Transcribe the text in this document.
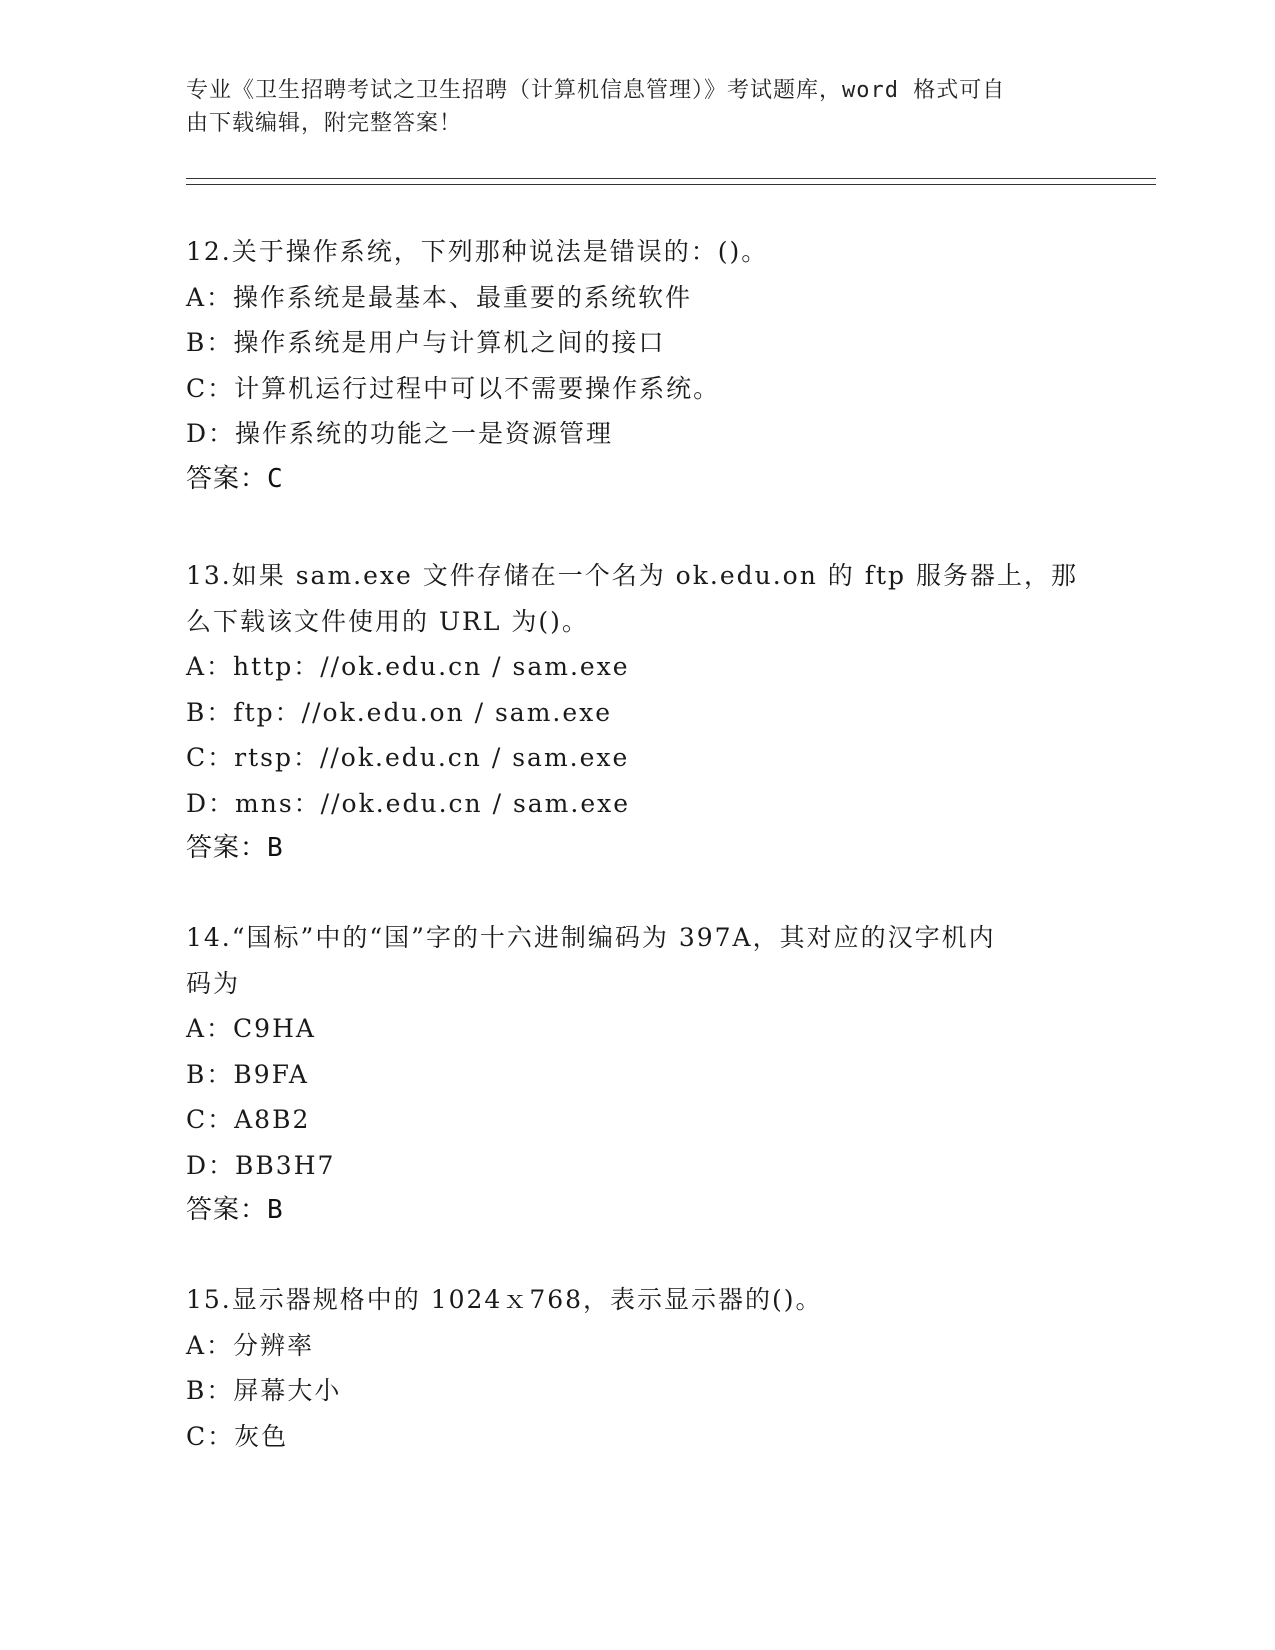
专业《卫生招聘考试之卫生招聘（计算机信息管理）》考试题库，word 格式可自
由下载编辑，附完整答案！
12.关于操作系统，下列那种说法是错误的：()。
A：操作系统是最基本、最重要的系统软件
B：操作系统是用户与计算机之间的接口
C：计算机运行过程中可以不需要操作系统。
D：操作系统的功能之一是资源管理
答案：C
13.如果 sam.exe 文件存储在一个名为 ok.edu.on 的 ftp 服务器上，那
么下载该文件使用的 URL 为()。
A：http：//ok.edu.cn / sam.exe
B：ftp：//ok.edu.on / sam.exe
C：rtsp：//ok.edu.cn / sam.exe
D：mns：//ok.edu.cn / sam.exe
答案：B
14.“国标”中的“国”字的十六进制编码为 397A，其对应的汉字机内
码为
A：C9HA
B：B9FA
C：A8B2
D：BB3H7
答案：B
15.显示器规格中的 1024ｘ768，表示显示器的()。
A：分辨率
B：屏幕大小
C：灰色
